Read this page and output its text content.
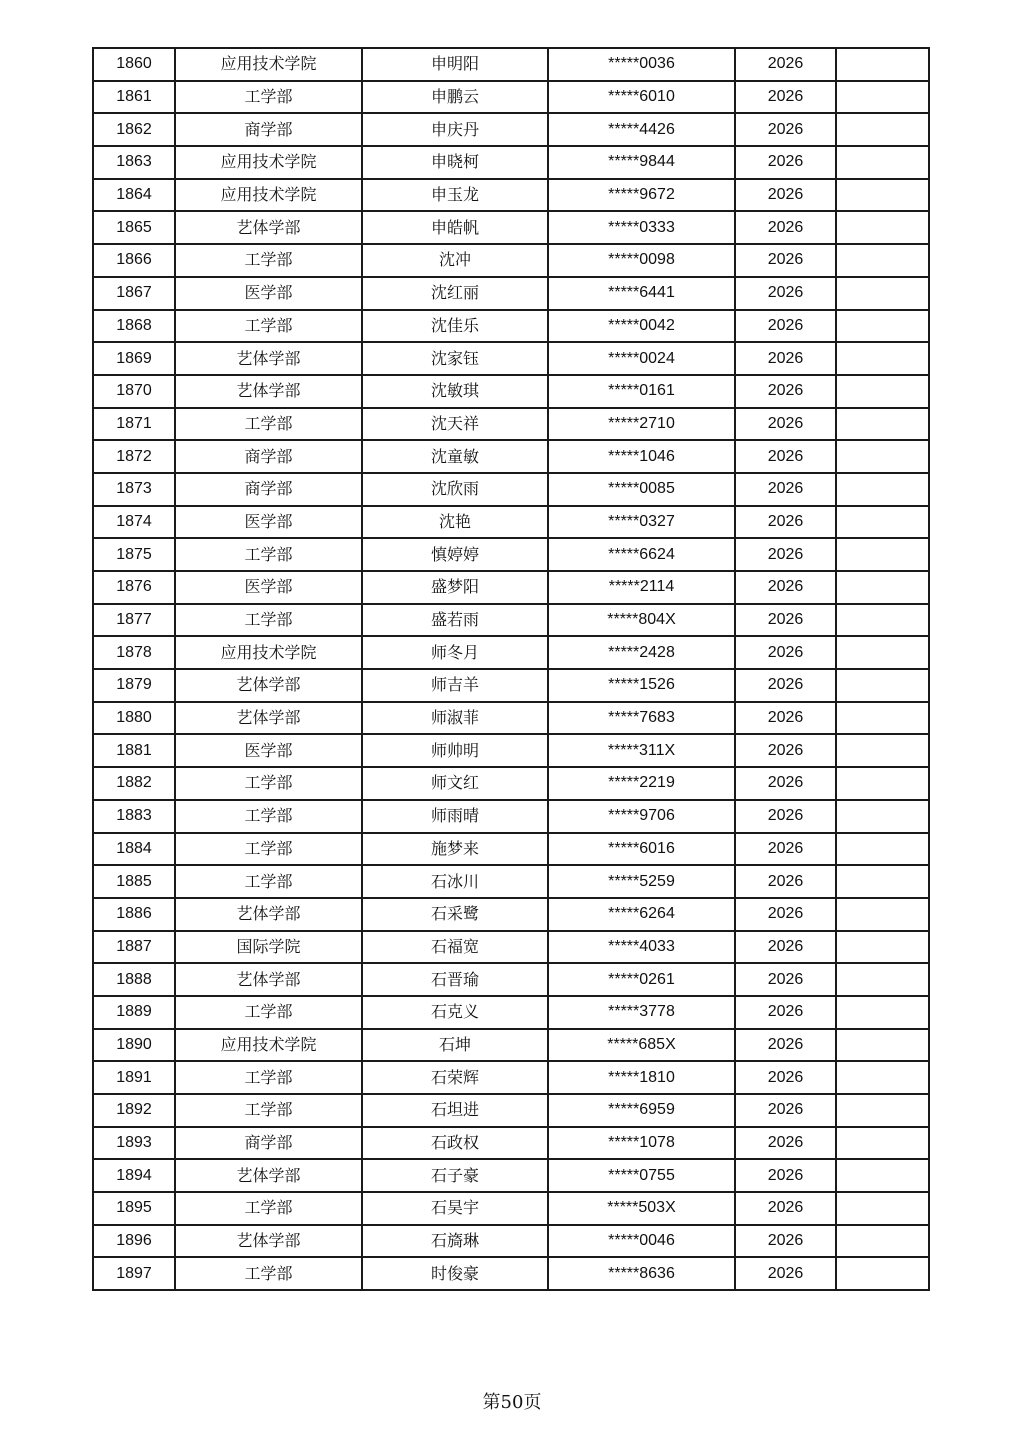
1860	应用技术学院	申明阳	*****0036	2026	
1861	工学部	申鹏云	*****6010	2026	
1862	商学部	申庆丹	*****4426	2026	
1863	应用技术学院	申晓柯	*****9844	2026	
1864	应用技术学院	申玉龙	*****9672	2026	
1865	艺体学部	申皓帆	*****0333	2026	
1866	工学部	沈冲	*****0098	2026	
1867	医学部	沈红丽	*****6441	2026	
1868	工学部	沈佳乐	*****0042	2026	
1869	艺体学部	沈家钰	*****0024	2026	
1870	艺体学部	沈敏琪	*****0161	2026	
1871	工学部	沈天祥	*****2710	2026	
1872	商学部	沈童敏	*****1046	2026	
1873	商学部	沈欣雨	*****0085	2026	
1874	医学部	沈艳	*****0327	2026	
1875	工学部	慎婷婷	*****6624	2026	
1876	医学部	盛梦阳	*****2114	2026	
1877	工学部	盛若雨	*****804X	2026	
1878	应用技术学院	师冬月	*****2428	2026	
1879	艺体学部	师吉羊	*****1526	2026	
1880	艺体学部	师淑菲	*****7683	2026	
1881	医学部	师帅明	*****311X	2026	
1882	工学部	师文红	*****2219	2026	
1883	工学部	师雨晴	*****9706	2026	
1884	工学部	施梦来	*****6016	2026	
1885	工学部	石冰川	*****5259	2026	
1886	艺体学部	石采鹭	*****6264	2026	
1887	国际学院	石福宽	*****4033	2026	
1888	艺体学部	石晋瑜	*****0261	2026	
1889	工学部	石克义	*****3778	2026	
1890	应用技术学院	石坤	*****685X	2026	
1891	工学部	石荣辉	*****1810	2026	
1892	工学部	石坦进	*****6959	2026	
1893	商学部	石政权	*****1078	2026	
1894	艺体学部	石子豪	*****0755	2026	
1895	工学部	石昊宇	*****503X	2026	
1896	艺体学部	石旖琳	*****0046	2026	
1897	工学部	时俊豪	*****8636	2026	
第50页
